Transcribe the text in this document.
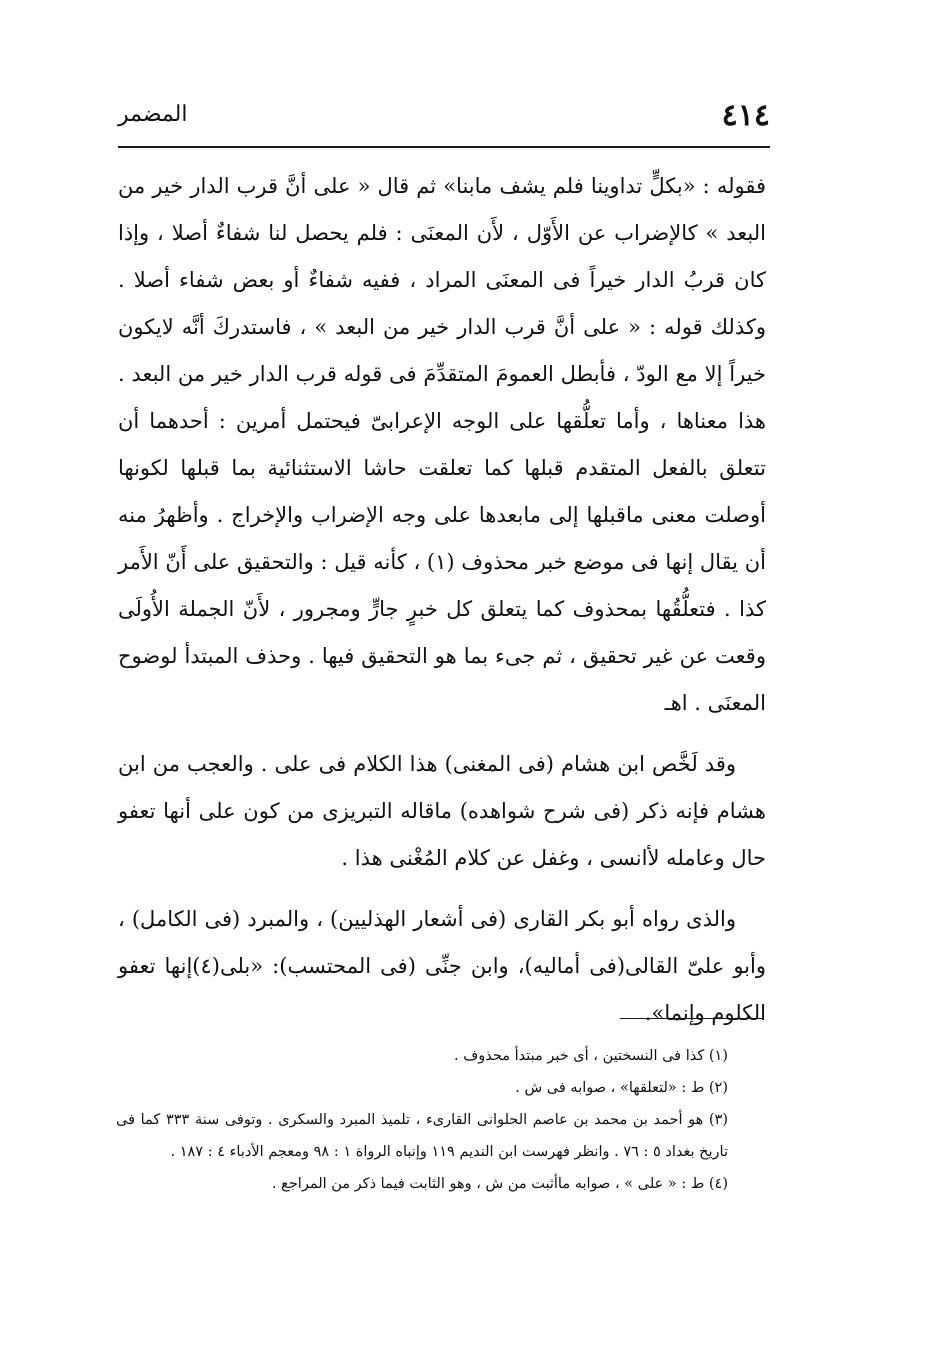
٤١٤
المضمر

فقوله : «بكلٍّ تداوينا فلم يشف مابنا» ثم قال « على أنَّ قرب الدار خير من البعد » كالإضراب عن الأَوّل ، لأَن المعنَى : فلم يحصل لنا شفاءٌ أصلا ، وإذا كان قربُ الدار خيراً فى المعنَى المراد ، ففيه شفاءٌ أو بعض شفاء أصلا . وكذلك قوله : « على أنَّ قرب الدار خير من البعد » ، فاستدركَ أنَّه لايكون خيراً إلا مع الودّ ، فأبطل العمومَ المتقدِّمَ فى قوله قرب الدار خير من البعد . هذا معناها ، وأما تعلُّقها على الوجه الإعرابىّ فيحتمل أمرين : أحدهما أن تتعلق بالفعل المتقدم قبلها كما تعلقت حاشا الاستثنائية بما قبلها لكونها أوصلت معنى ماقبلها إلى مابعدها على وجه الإضراب والإخراج . وأظهرُ منه أن يقال إنها فى موضع خبر محذوف (١) ، كأنه قيل : والتحقيق على أَنّ الأَمر كذا . فتعلُّقُها بمحذوف كما يتعلق كل خبرٍ جارٍّ ومجرور ، لأَنّ الجملة الأُولَى وقعت عن غير تحقيق ، ثم جىء بما هو التحقيق فيها . وحذف المبتدأ لوضوح المعنَى . اهـ

وقد لَخَّص ابن هشام (فى المغنى) هذا الكلام فى على . والعجب من ابن هشام فإنه ذكر (فى شرح شواهده) ماقاله التبريزى من كون على أنها تعفو حال وعامله لأانسى ، وغفل عن كلام المُغْنى هذا .

والذى رواه أبو بكر القارى (فى أشعار الهذليين) ، والمبرد (فى الكامل) ، وأبو علىّ القالى(فى أماليه)، وابن جنِّى (فى المحتسب): «بلى(٤)إنها تعفو الكلوم وإنما».

(١) كذا فى النسختين ، أى خبر مبتدأ محذوف .

(٢) ط : «لتعلقها» ، صوابه فى ش .

(٣) هو أحمد بن محمد بن عاصم الحلوانى القارىء ، تلميذ المبرد والسكرى . وتوفى سنة ٣٣٣ كما فى تاريخ بغداد ٥ : ٧٦ . وانظر فهرست ابن النديم ١١٩ وإنباه الرواة ١ : ٩٨ ومعجم الأدباء ٤ : ١٨٧ .

(٤) ط : « على » ، صوابه ماأثبت من ش ، وهو الثابت فيما ذكر من المراجع .
